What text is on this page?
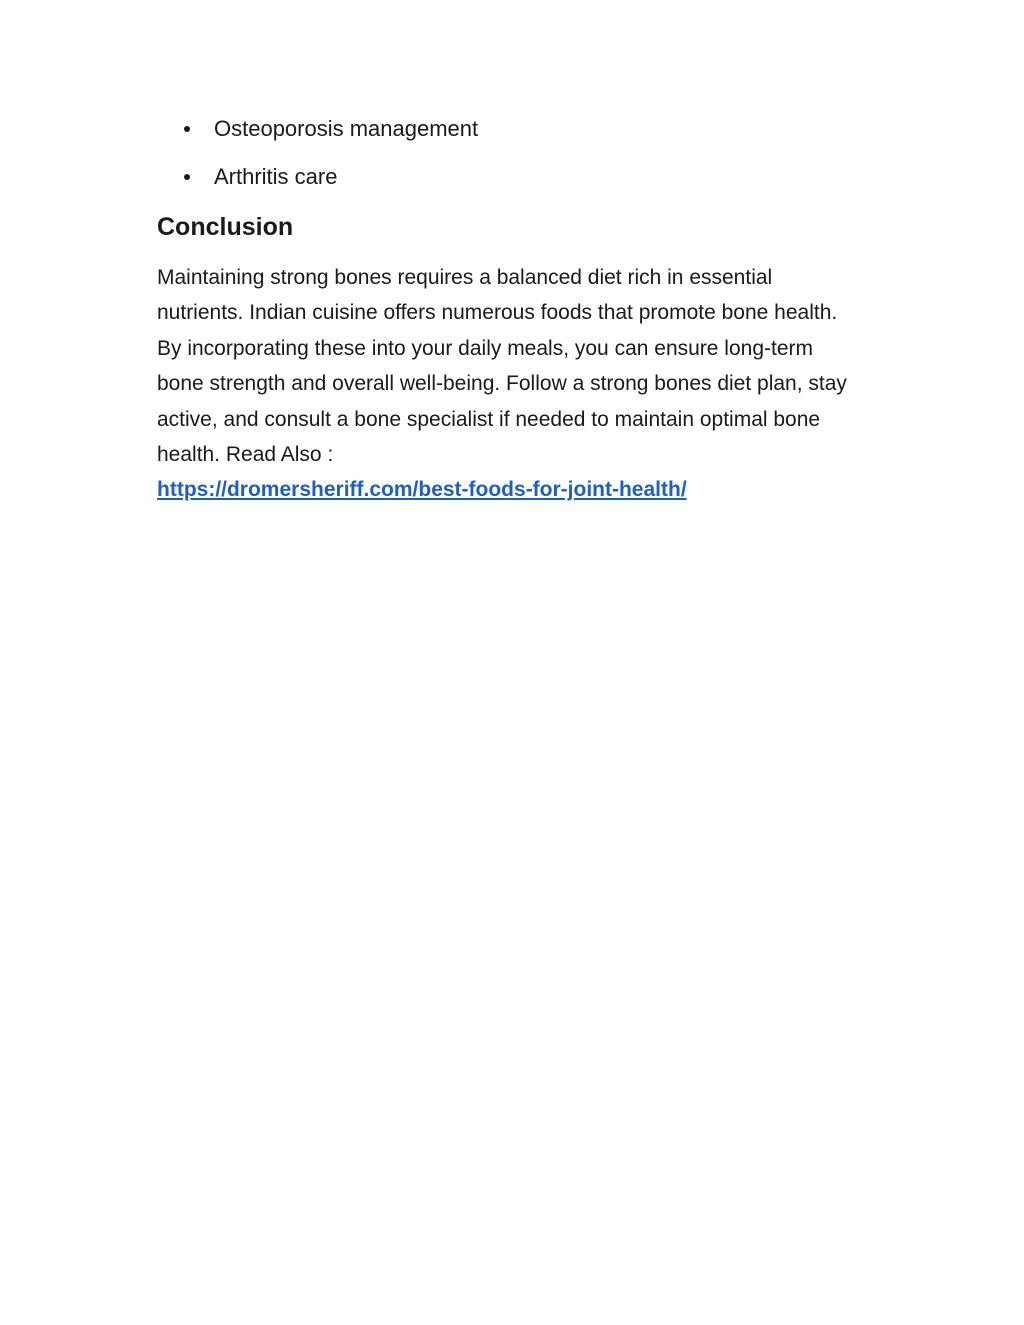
Osteoporosis management
Arthritis care
Conclusion

Maintaining strong bones requires a balanced diet rich in essential nutrients. Indian cuisine offers numerous foods that promote bone health. By incorporating these into your daily meals, you can ensure long-term bone strength and overall well-being. Follow a strong bones diet plan, stay active, and consult a bone specialist if needed to maintain optimal bone health. Read Also :
https://dromersheriff.com/best-foods-for-joint-health/
